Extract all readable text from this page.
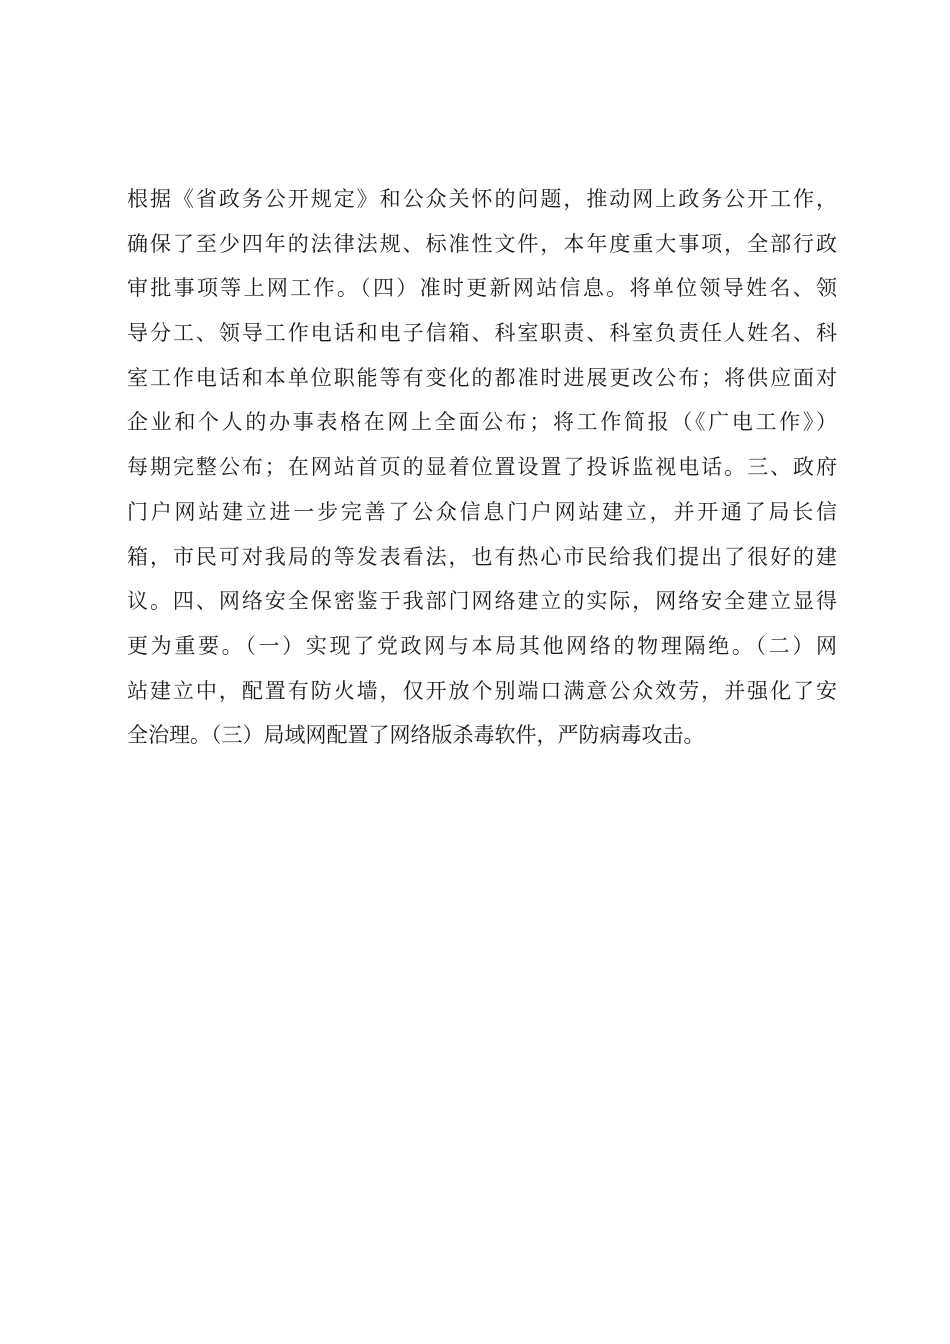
根据《省政务公开规定》和公众关怀的问题，推动网上政务公开工作，
确保了至少四年的法律法规、标准性文件，本年度重大事项，全部行政
审批事项等上网工作。（四）准时更新网站信息。将单位领导姓名、领
导分工、领导工作电话和电子信箱、科室职责、科室负责任人姓名、科
室工作电话和本单位职能等有变化的都准时进展更改公布；将供应面对
企业和个人的办事表格在网上全面公布；将工作简报（《广电工作》）
每期完整公布；在网站首页的显着位置设置了投诉监视电话。三、政府
门户网站建立进一步完善了公众信息门户网站建立，并开通了局长信
箱，市民可对我局的等发表看法，也有热心市民给我们提出了很好的建
议。四、网络安全保密鉴于我部门网络建立的实际，网络安全建立显得
更为重要。（一）实现了党政网与本局其他网络的物理隔绝。（二）网
站建立中，配置有防火墙，仅开放个别端口满意公众效劳，并强化了安
全治理。（三）局域网配置了网络版杀毒软件，严防病毒攻击。
